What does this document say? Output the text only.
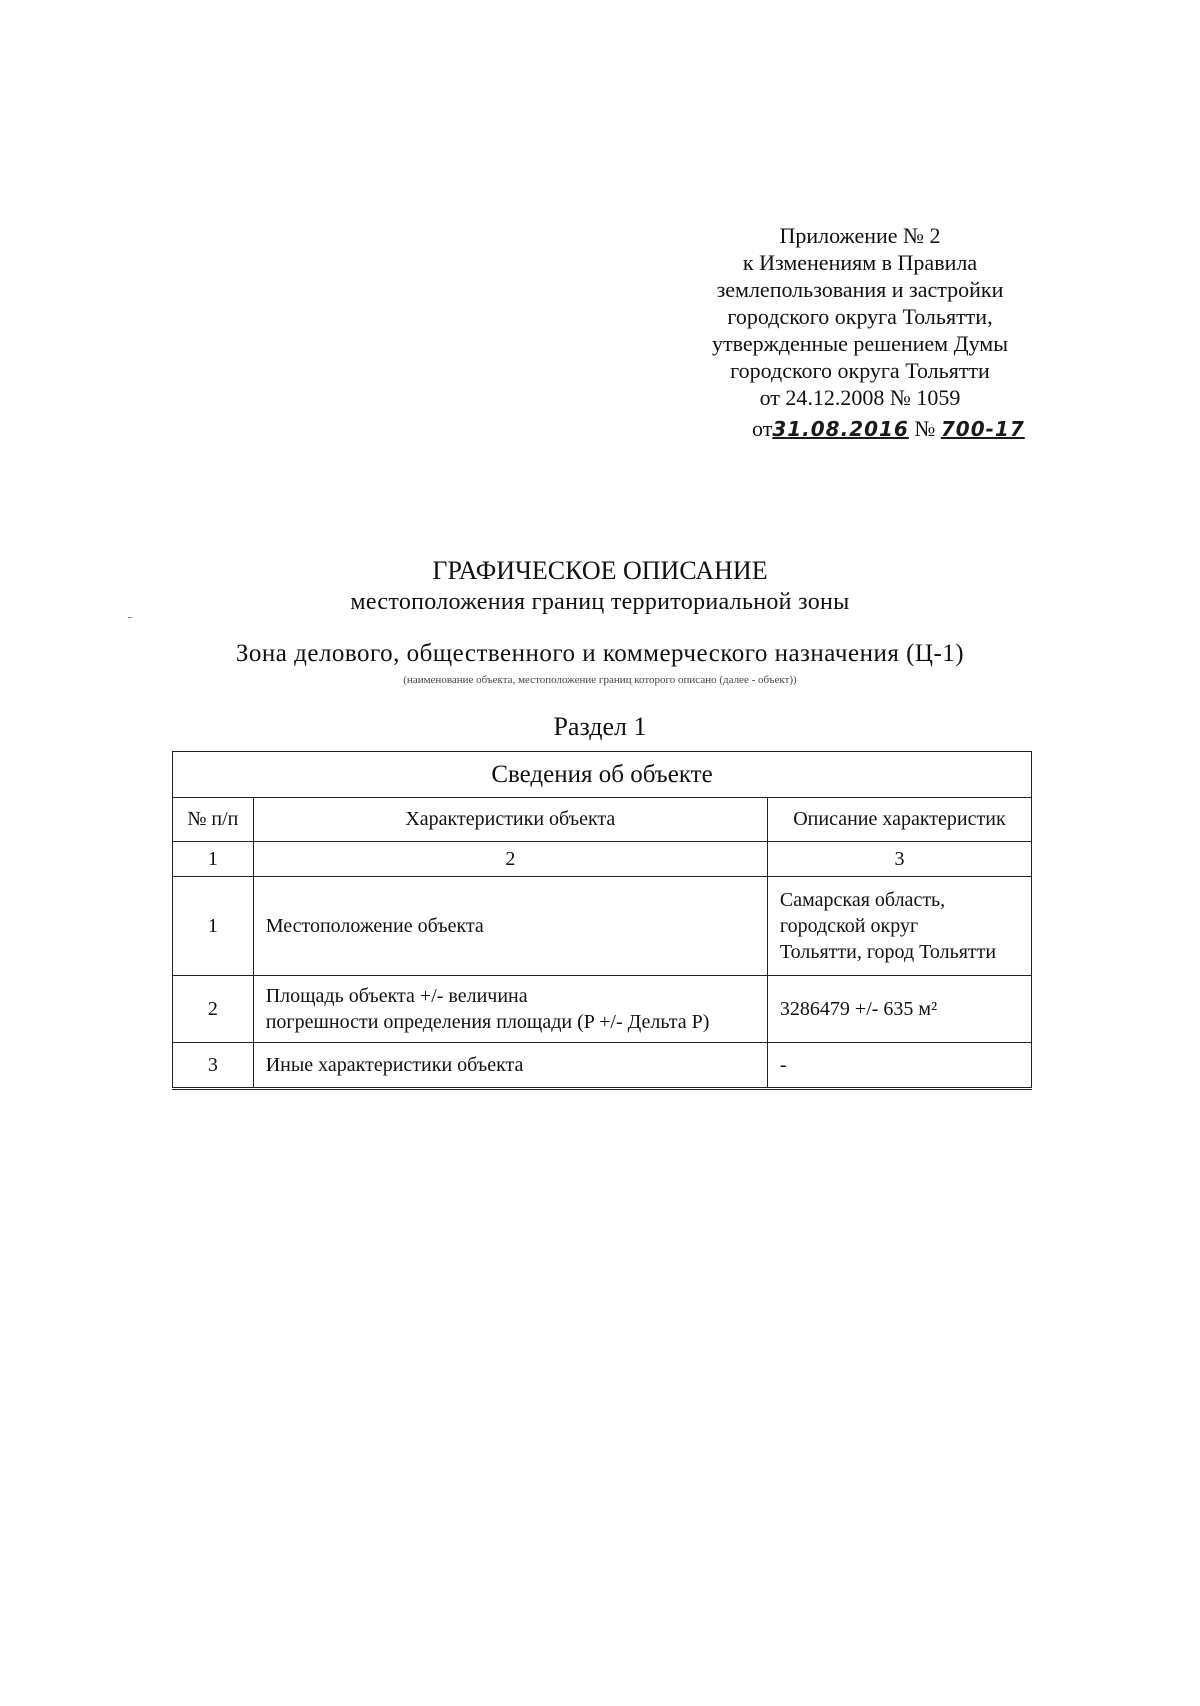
Приложение № 2
к Изменениям в Правила
землепользования и застройки
городского округа Тольятти,
утвержденные решением Думы
городского округа Тольятти
от 24.12.2008 № 1059
от31.08.2016 № 700-17
ГРАФИЧЕСКОЕ ОПИСАНИЕ
местоположения границ территориальной зоны
Зона делового, общественного и коммерческого назначения (Ц-1)
(наименование объекта, местоположение границ которого описано (далее - объект))
Раздел 1
Сведения об объекте		
№ п/п	Характеристики объекта	Описание характеристик
1	2	3
1	Местоположение объекта	Самарская область,
городской округ
Тольятти, город Тольятти
2	Площадь объекта +/- величина
погрешности определения площади (P +/- Дельта P)	3286479 +/- 635 м²
3	Иные характеристики объекта	-
